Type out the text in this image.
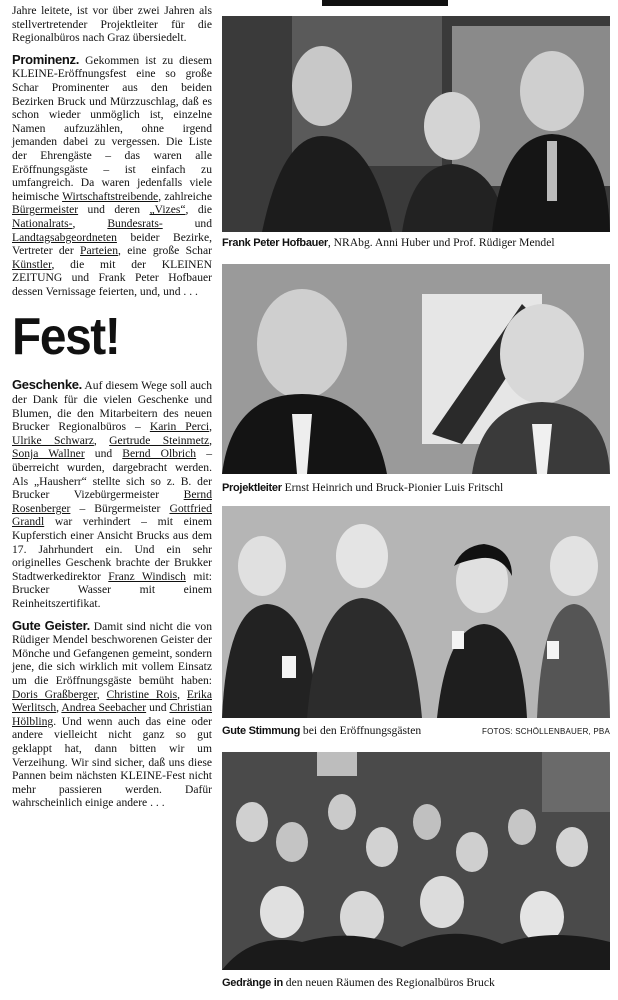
Jahre leitete, ist vor über zwei Jahren als stellvertretender Projektleiter für die Regionalbüros nach Graz übersiedelt.

Prominenz. Gekommen ist zu diesem KLEINE-Eröffnungsfest eine so große Schar Prominenter aus den beiden Bezirken Bruck und Mürzzuschlag, daß es schon wieder unmöglich ist, einzelne Namen aufzuzählen, ohne irgend jemanden dabei zu vergessen. Die Liste der Ehrengäste – das waren alle Eröffnungsgäste – ist einfach zu umfangreich. Da waren jedenfalls viele heimische Wirtschaftstreibende, zahlreiche Bürgermeister und deren „Vizes“, die Nationalrats-,	Bundesrats-	und Landtagsabgeordneten beider Bezirke, Vertreter der Parteien, eine große Schar Künstler, die mit der KLEINEN ZEITUNG und Frank Peter Hofbauer dessen Vernissage feierten, und, und . . .

Fest!

Geschenke. Auf diesem Wege soll auch der Dank für die vielen Geschenke und Blumen, die den Mitarbeitern des neuen Brucker Regionalbüros – Karin Perci, Ulrike Schwarz, Gertrude Steinmetz, Sonja Wallner und Bernd Olbrich – überreicht wurden, dargebracht werden. Als „Hausherr“ stellte sich so z. B. der Brucker Vizebürgermeister Bernd Rosenberger – Bürgermeister Gottfried Grandl war verhindert – mit einem Kupferstich einer Ansicht Brucks aus dem 17. Jahrhundert ein. Und ein sehr originelles Geschenk brachte der Brukker Stadtwerkedirektor Franz Windisch mit: Brucker Wasser mit einem Reinheitszertifikat.

Gute Geister. Damit sind nicht die von Rüdiger Mendel beschworenen Geister der Mönche und Gefangenen gemeint, sondern jene, die sich wirklich mit vollem Einsatz um die Eröffnungsgäste bemüht haben: Doris Graßberger, Christine Rois, Erika Werlitsch, Andrea Seebacher und Christian Hölbling. Und wenn auch das eine oder andere vielleicht nicht ganz so gut geklappt hat, dann bitten wir um Verzeihung. Wir sind sicher, daß uns diese Pannen beim nächsten KLEINE-Fest nicht mehr passieren werden. Dafür wahrscheinlich einige andere . . .

Frank Peter Hofbauer, NRAbg. Anni Huber und Prof. Rüdiger Mendel
Projektleiter Ernst Heinrich und Bruck-Pionier Luis Fritschl
Gute Stimmung bei den Eröffnungsgästen	FOTOS: SCHÖLLENBAUER, PBA
Gedränge in den neuen Räumen des Regionalbüros Bruck
